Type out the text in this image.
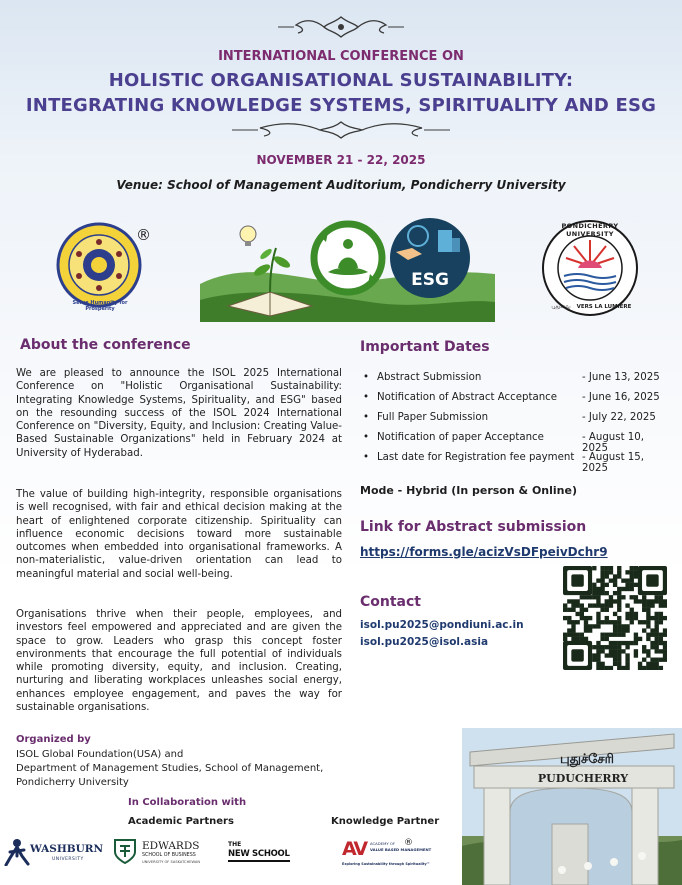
INTERNATIONAL CONFERENCE ON
HOLISTIC ORGANISATIONAL SUSTAINABILITY:
INTEGRATING KNOWLEDGE SYSTEMS, SPIRITUALITY AND ESG
NOVEMBER 21 - 22, 2025
Venue: School of Management Auditorium, Pondicherry University
Serve Humanity for Prosperity
®
ESG
PONDICHERRY UNIVERSITY
VERS LA LUMIERE
புதுவை
About the conference

We are pleased to announce the ISOL 2025 International Conference on "Holistic Organisational Sustainability: Integrating Knowledge Systems, Spirituality, and ESG" based on the resounding success of the ISOL 2024 International Conference on "Diversity, Equity, and Inclusion: Creating Value-Based Sustainable Organizations" held in February 2024 at University of Hyderabad.

The value of building high-integrity, responsible organisations is well recognised, with fair and ethical decision making at the heart of enlightened corporate citizenship. Spirituality can influence economic decisions toward more sustainable outcomes when embedded into organisational frameworks. A non-materialistic, value-driven orientation can lead to meaningful material and social well-being.

Organisations thrive when their people, employees, and investors feel empowered and appreciated and are given the space to grow. Leaders who grasp this concept foster environments that encourage the full potential of individuals while promoting diversity, equity, and inclusion. Creating, nurturing and liberating workplaces unleashes social energy, enhances employee engagement, and paves the way for sustainable organisations.

Important Dates
• Abstract Submission	- June 13, 2025
• Notification of Abstract Acceptance - June 16, 2025
• Full Paper Submission	- July 22, 2025
• Notification of paper Acceptance	- August 10, 2025
• Last date for Registration fee payment - August 15, 2025
Mode - Hybrid (In person & Online)
Link for Abstract submission
https://forms.gle/acizVsDFpeivDchr9
Contact
isol.pu2025@pondiuni.ac.in
isol.pu2025@isol.asia
Organized by
ISOL Global Foundation(USA) and
Department of Management Studies, School of Management,
Pondicherry University
In Collaboration with
Academic Partners	Knowledge Partner
WASHBURN
UNIVERSITY
EDWARDS
SCHOOL OF BUSINESS
UNIVERSITY OF SASKATCHEWAN
THE
NEW SCHOOL	AV ACADEMY OF
VALUE BASED MANAGEMENT
®
Exploring Sustainability through Spirituality™
புதுச்சேரி
PUDUCHERRY
